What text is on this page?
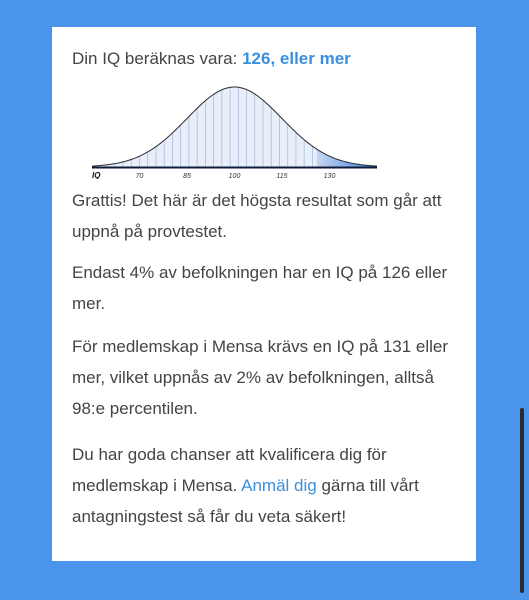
Din IQ beräknas vara: 126, eller mer

IQ	70	85	100	115	130

Grattis! Det här är det högsta resultat som går att uppnå på provtestet.

Endast 4% av befolkningen har en IQ på 126 eller mer.

För medlemskap i Mensa krävs en IQ på 131 eller mer, vilket uppnås av 2% av befolkningen, alltså 98:e percentilen.

Du har goda chanser att kvalificera dig för medlemskap i Mensa. Anmäl dig gärna till vårt antagningstest så får du veta säkert!
